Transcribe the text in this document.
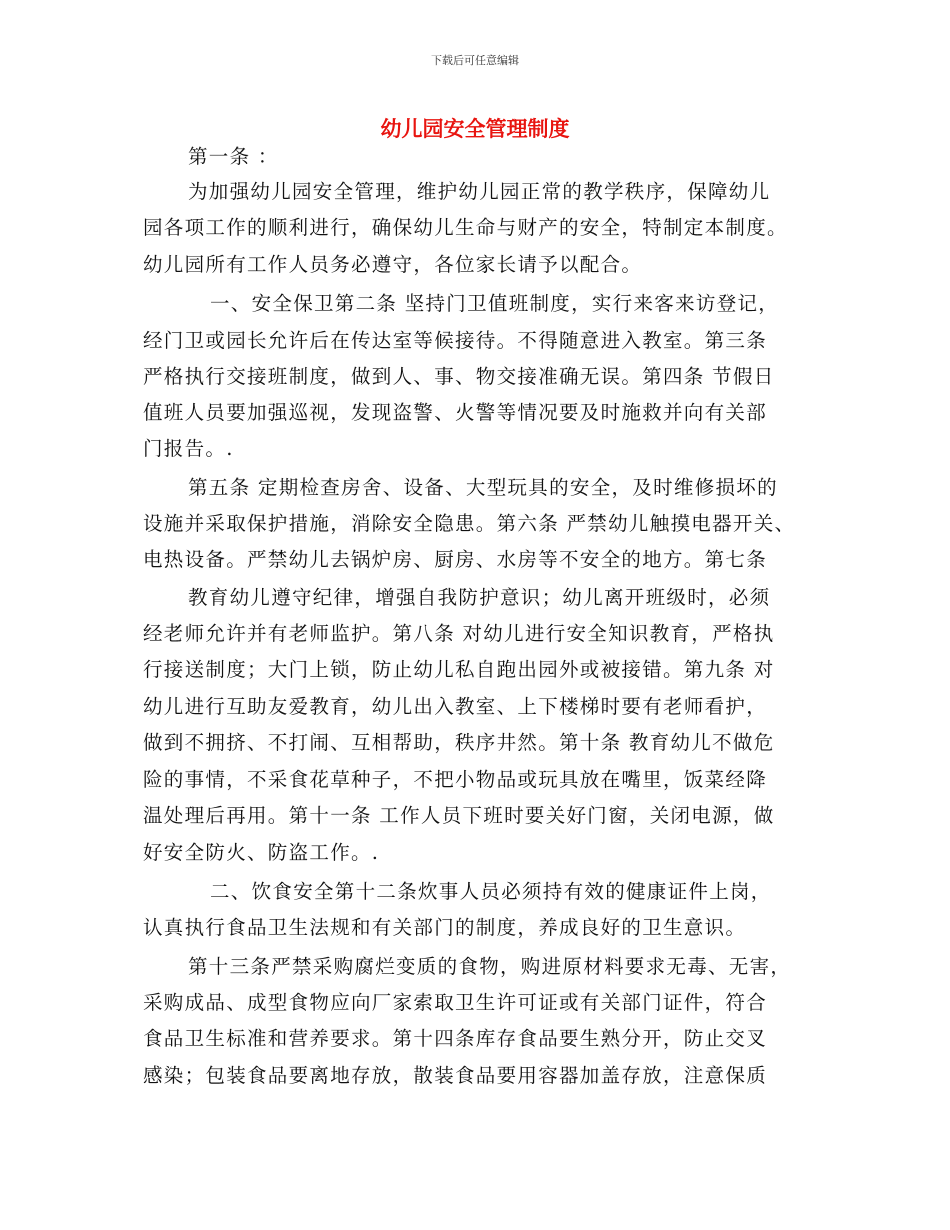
下载后可任意编辑
幼儿园安全管理制度
第一条 ：
为加强幼儿园安全管理，维护幼儿园正常的教学秩序，保障幼儿
园各项工作的顺利进行，确保幼儿生命与财产的安全，特制定本制度。
幼儿园所有工作人员务必遵守，各位家长请予以配合。
一、安全保卫第二条 坚持门卫值班制度，实行来客来访登记，
经门卫或园长允许后在传达室等候接待。不得随意进入教室。第三条
严格执行交接班制度，做到人、事、物交接准确无误。第四条 节假日
值班人员要加强巡视，发现盗警、火警等情况要及时施救并向有关部
门报告。.
第五条 定期检查房舍、设备、大型玩具的安全，及时维修损坏的
设施并采取保护措施，消除安全隐患。第六条 严禁幼儿触摸电器开关、
电热设备。严禁幼儿去锅炉房、厨房、水房等不安全的地方。第七条
教育幼儿遵守纪律，增强自我防护意识；幼儿离开班级时，必须
经老师允许并有老师监护。第八条 对幼儿进行安全知识教育，严格执
行接送制度；大门上锁，防止幼儿私自跑出园外或被接错。第九条 对
幼儿进行互助友爱教育，幼儿出入教室、上下楼梯时要有老师看护，
做到不拥挤、不打闹、互相帮助，秩序井然。第十条 教育幼儿不做危
险的事情，不采食花草种子，不把小物品或玩具放在嘴里，饭菜经降
温处理后再用。第十一条 工作人员下班时要关好门窗，关闭电源，做
好安全防火、防盗工作。.
二、饮食安全第十二条炊事人员必须持有效的健康证件上岗，
认真执行食品卫生法规和有关部门的制度，养成良好的卫生意识。
第十三条严禁采购腐烂变质的食物，购进原材料要求无毒、无害，
采购成品、成型食物应向厂家索取卫生许可证或有关部门证件，符合
食品卫生标准和营养要求。第十四条库存食品要生熟分开，防止交叉
感染；包装食品要离地存放，散装食品要用容器加盖存放，注意保质
